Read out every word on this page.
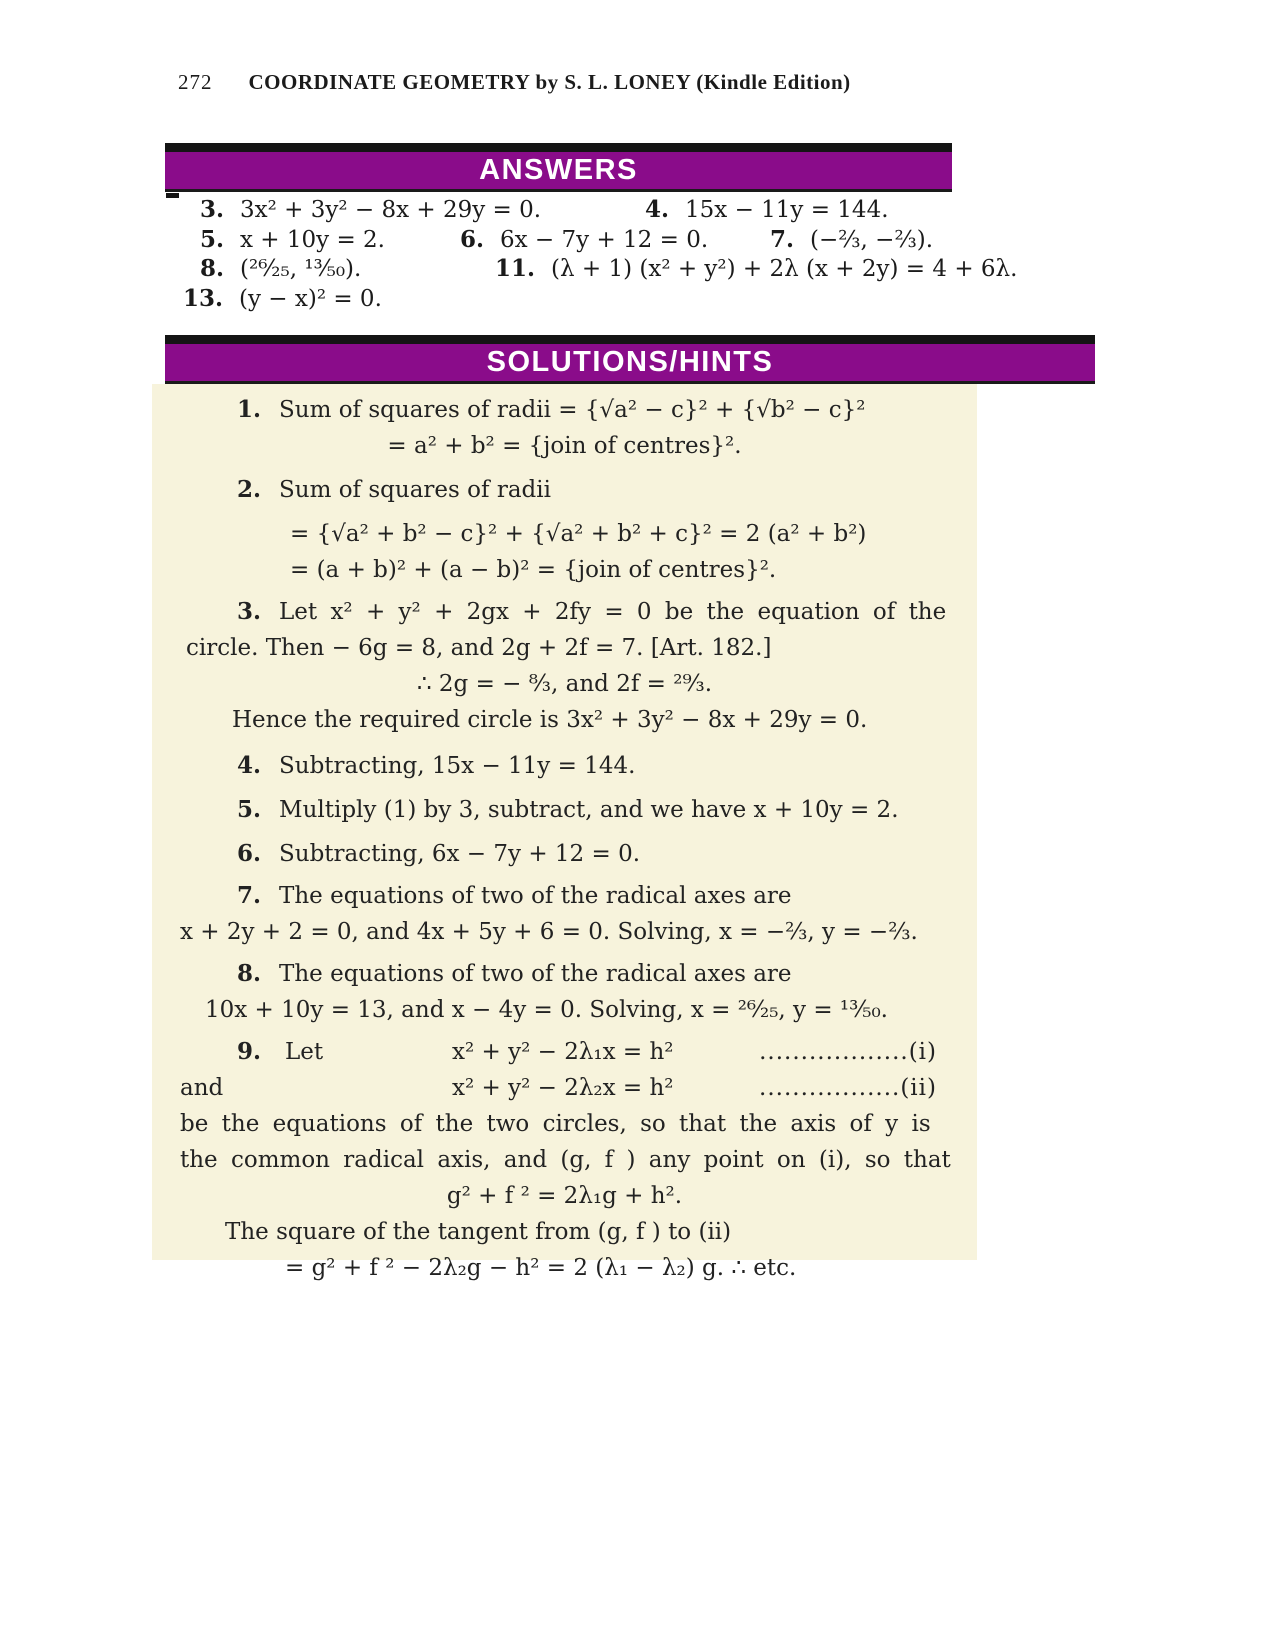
272 COORDINATE GEOMETRY by S. L. LONEY (Kindle Edition)
ANSWERS
3. 3x² + 3y² − 8x + 29y = 0.	4. 15x − 11y = 144.
5. x + 10y = 2.	6. 6x − 7y + 12 = 0.	7. (−⅔, −⅔).
8. (²⁶⁄₂₅, ¹³⁄₅₀).	11. (λ + 1) (x² + y²) + 2λ (x + 2y) = 4 + 6λ.
13. (y − x)² = 0.
SOLUTIONS/HINTS
1. Sum of squares of radii = {√a² − c}² + {√b² − c}²
= a² + b² = {join of centres}².
2. Sum of squares of radii
= {√a² + b² − c}² + {√a² + b² + c}² = 2 (a² + b²)
= (a + b)² + (a − b)² = {join of centres}².
3. Let x² + y² + 2gx + 2fy = 0 be the equation of the
circle. Then − 6g = 8, and 2g + 2f = 7. [Art. 182.]
∴ 2g = − ⁸⁄₃, and 2f = ²⁹⁄₃.
Hence the required circle is 3x² + 3y² − 8x + 29y = 0.
4. Subtracting, 15x − 11y = 144.
5. Multiply (1) by 3, subtract, and we have x + 10y = 2.
6. Subtracting, 6x − 7y + 12 = 0.
7. The equations of two of the radical axes are
x + 2y + 2 = 0, and 4x + 5y + 6 = 0. Solving, x = −⅔, y = −⅔.
8. The equations of two of the radical axes are
10x + 10y = 13, and x − 4y = 0. Solving, x = ²⁶⁄₂₅, y = ¹³⁄₅₀.
9. Let	x² + y² − 2λ₁x = h²	..................(i)
and	x² + y² − 2λ₂x = h²	.................(ii)
be the equations of the two circles, so that the axis of y is
the common radical axis, and (g, f ) any point on (i), so that
g² + f ² = 2λ₁g + h².
The square of the tangent from (g, f ) to (ii)
= g² + f ² − 2λ₂g − h² = 2 (λ₁ − λ₂) g. ∴ etc.
